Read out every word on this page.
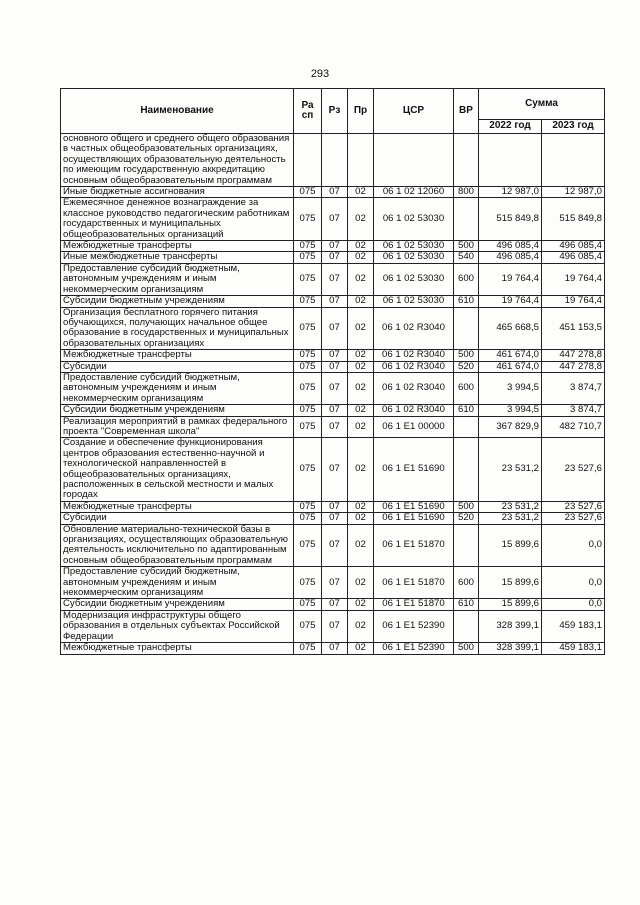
293
Наименование	Ра
сп	Рз	Пр	ЦСР	ВР	Сумма	
						2022 год	2023 год
основного общего и среднего общего образования в частных общеобразовательных организациях, осуществляющих образовательную деятельность по имеющим государственную аккредитацию основным общеобразовательным программам							
Иные бюджетные ассигнования	075	07	02	06 1 02 12060	800	12 987,0	12 987,0
Ежемесячное денежное вознаграждение за классное руководство педагогическим работникам государственных и муниципальных общеобразовательных организаций	075	07	02	06 1 02 53030		515 849,8	515 849,8
Межбюджетные трансферты	075	07	02	06 1 02 53030	500	496 085,4	496 085,4
Иные межбюджетные трансферты	075	07	02	06 1 02 53030	540	496 085,4	496 085,4
Предоставление субсидий бюджетным, автономным учреждениям и иным некоммерческим организациям	075	07	02	06 1 02 53030	600	19 764,4	19 764,4
Субсидии бюджетным учреждениям	075	07	02	06 1 02 53030	610	19 764,4	19 764,4
Организация бесплатного горячего питания обучающихся, получающих начальное общее образование в государственных и муниципальных образовательных организациях	075	07	02	06 1 02 R3040		465 668,5	451 153,5
Межбюджетные трансферты	075	07	02	06 1 02 R3040	500	461 674,0	447 278,8
Субсидии	075	07	02	06 1 02 R3040	520	461 674,0	447 278,8
Предоставление субсидий бюджетным, автономным учреждениям и иным некоммерческим организациям	075	07	02	06 1 02 R3040	600	3 994,5	3 874,7
Субсидии бюджетным учреждениям	075	07	02	06 1 02 R3040	610	3 994,5	3 874,7
Реализация мероприятий в рамках федерального проекта "Современная школа"	075	07	02	06 1 E1 00000		367 829,9	482 710,7
Создание и обеспечение функционирования центров образования естественно-научной и технологической направленностей в общеобразовательных организациях, расположенных в сельской местности и малых городах	075	07	02	06 1 E1 51690		23 531,2	23 527,6
Межбюджетные трансферты	075	07	02	06 1 E1 51690	500	23 531,2	23 527,6
Субсидии	075	07	02	06 1 E1 51690	520	23 531,2	23 527,6
Обновление материально-технической базы в организациях, осуществляющих образовательную деятельность исключительно по адаптированным основным общеобразовательным программам	075	07	02	06 1 E1 51870		15 899,6	0,0
Предоставление субсидий бюджетным, автономным учреждениям и иным некоммерческим организациям	075	07	02	06 1 E1 51870	600	15 899,6	0,0
Субсидии бюджетным учреждениям	075	07	02	06 1 E1 51870	610	15 899,6	0,0
Модернизация инфраструктуры общего образования в отдельных субъектах Российской Федерации	075	07	02	06 1 E1 52390		328 399,1	459 183,1
Межбюджетные трансферты	075	07	02	06 1 E1 52390	500	328 399,1	459 183,1
